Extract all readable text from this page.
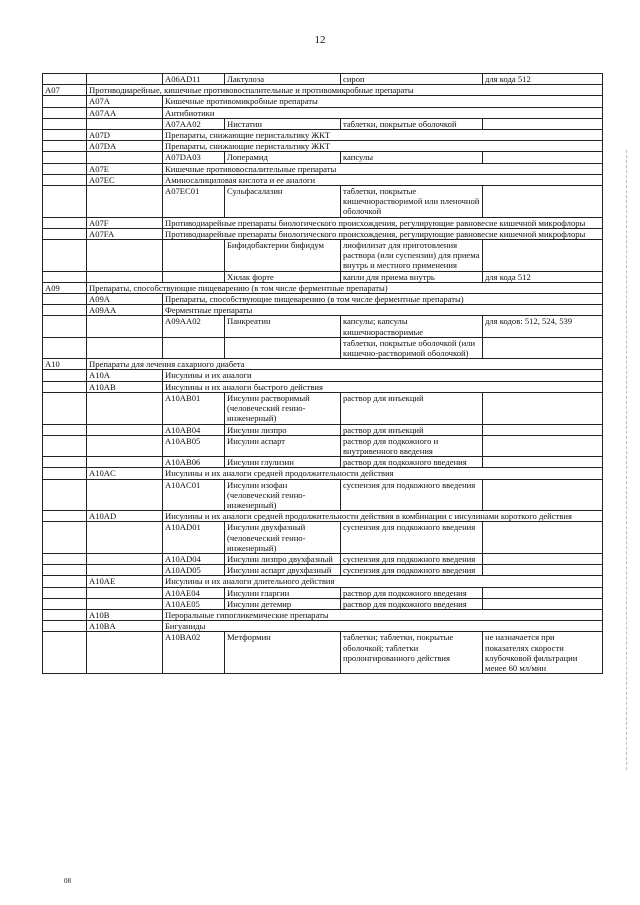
12
		A06AD11	Лактулоза	сироп	для кода 512
A07	Противодиарейные, кишечные противовоспалительные и противомикробные препараты				
	A07A	Кишечные противомикробные препараты			
	A07AA	Антибиотики			
		A07AA02	Нистатин	таблетки, покрытые оболочкой	
	A07D	Препараты, снижающие перистальтику ЖКТ			
	A07DA	Препараты, снижающие перистальтику ЖКТ			
		A07DA03	Лоперамид	капсулы	
	A07E	Кишечные противовоспалительные препараты			
	A07EC	Аминосалициловая кислота и ее аналоги			
		A07EC01	Сульфасалазин	таблетки, покрытые кишечнорастворимой или пленочной оболочкой	
	A07F	Противодиарейные препараты биологического происхождения, регулирующие равновесие кишечной микрофлоры			
	A07FA	Противодиарейные препараты биологического происхождения, регулирующие равновесие кишечной микрофлоры			
			Бифидобактерии бифидум	лиофилизат для приготовления раствора (или суспензии) для приема внутрь и местного применения	
			Хилак форте	капли для приема внутрь	для кода 512
A09	Препараты, способствующие пищеварению (в том числе ферментные препараты)				
	A09A	Препараты, способствующие пищеварению (в том числе ферментные препараты)			
	A09AA	Ферментные препараты			
		A09AA02	Панкреатин	капсулы; капсулы кишечнорастворимые	для кодов: 512, 524, 539
				таблетки, покрытые оболочкой (или кишечно-растворимой оболочкой)	
A10	Препараты для лечения сахарного диабета				
	A10A	Инсулины и их аналоги			
	A10AB	Инсулины и их аналоги быстрого действия			
		A10AB01	Инсулин растворимый (человеческий генно-инженерный)	раствор для инъекций	
		A10AB04	Инсулин лизпро	раствор для инъекций	
		A10AB05	Инсулин аспарт	раствор для подкожного и внутривенного введения	
		A10AB06	Инсулин глулизин	раствор для подкожного введения	
	A10AC	Инсулины и их аналоги средней продолжительности действия			
		A10AC01	Инсулин изофан (человеческий генно-инженерный)	суспензия для подкожного введения	
	A10AD	Инсулины и их аналоги средней продолжительности действия в комбинации с инсулинами короткого действия			
		A10AD01	Инсулин двухфазный (человеческий генно-инженерный)	суспензия для подкожного введения	
		A10AD04	Инсулин лизпро двухфазный	суспензия для подкожного введения	
		A10AD05	Инсулин аспарт двухфазный	суспензия для подкожного введения	
	A10AE	Инсулины и их аналоги длительного действия			
		A10AE04	Инсулин гларгин	раствор для подкожного введения	
		A10AE05	Инсулин детемир	раствор для подкожного введения	
	A10B	Пероральные гипогликемические препараты			
	A10BA	Бигуаниды			
		A10BA02	Метформин	таблетки; таблетки, покрытые оболочкой; таблетки пролонгированного действия	не назначается при показателях скорости клубочковой фильтрации менее 60 мл/мин
08
